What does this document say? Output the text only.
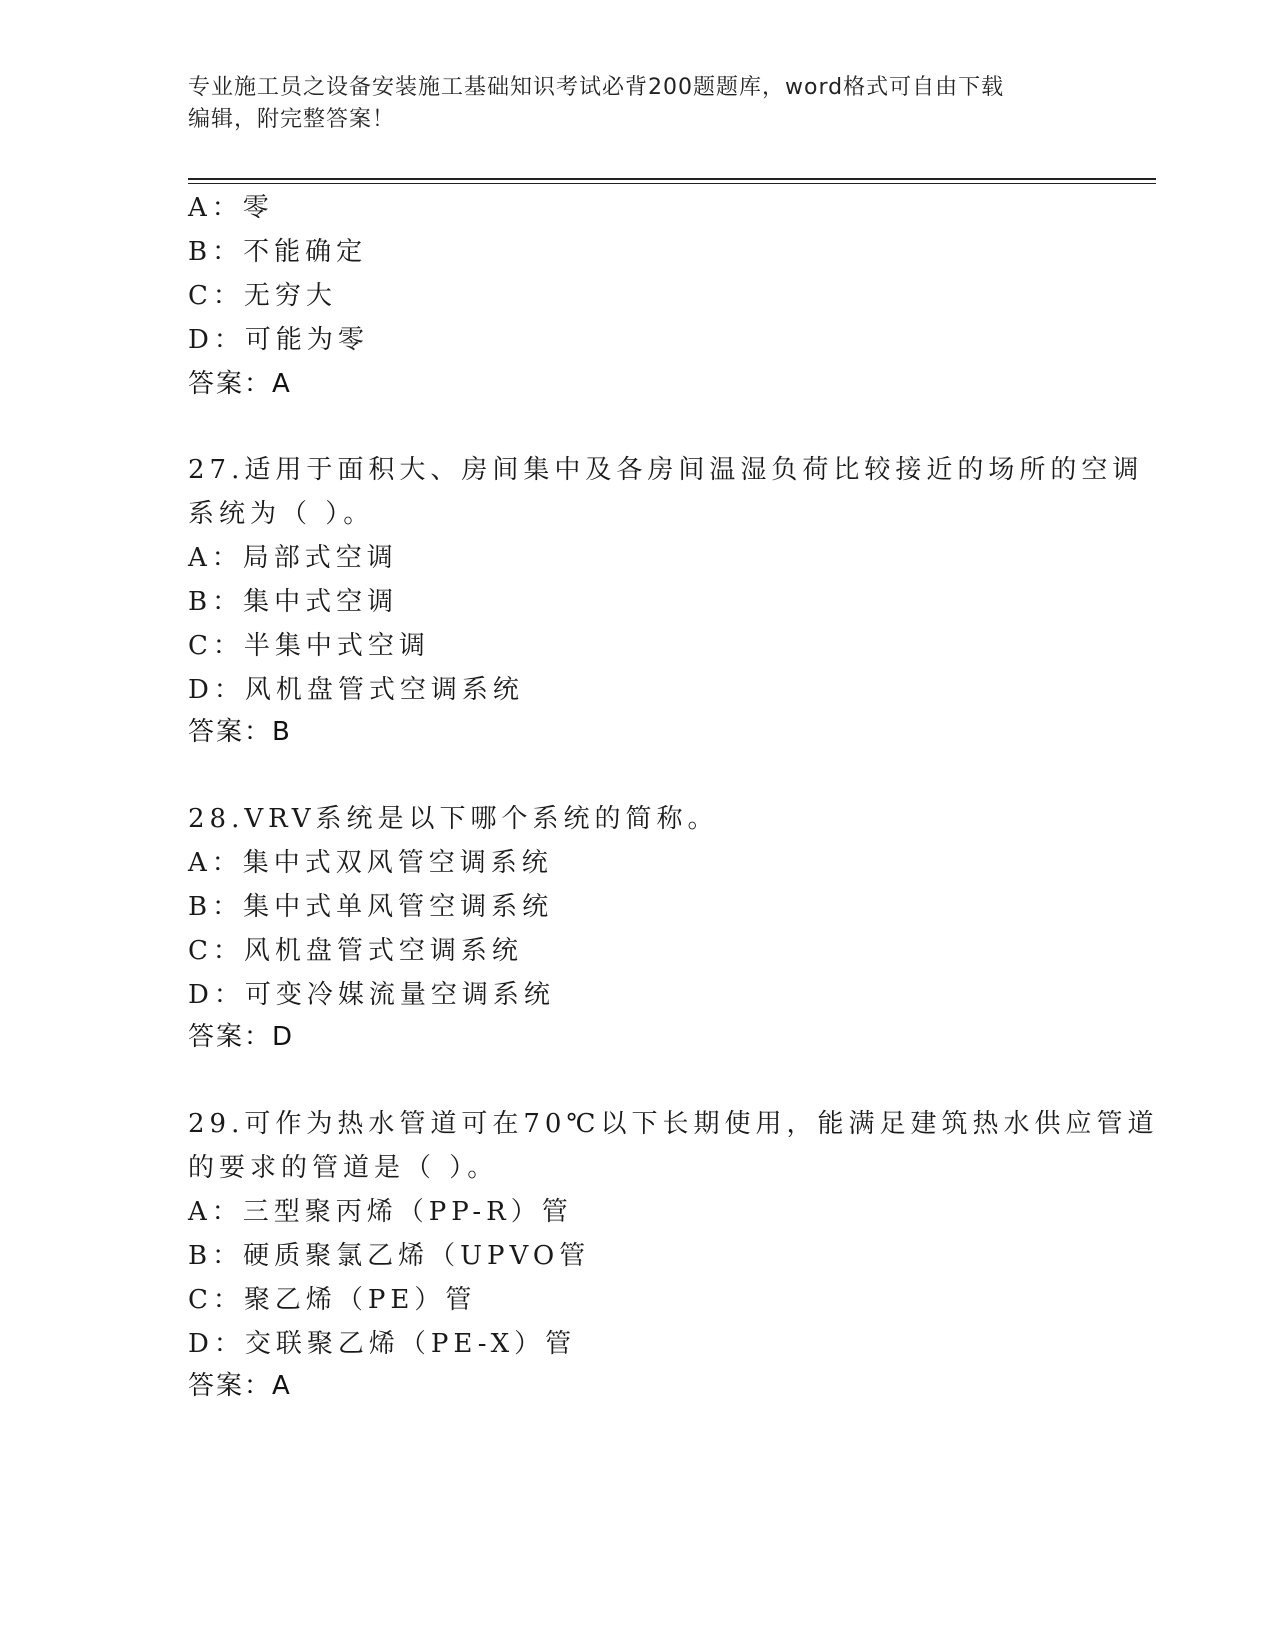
专业施工员之设备安装施工基础知识考试必背200题题库，word格式可自由下载
编辑，附完整答案！
A：零
B：不能确定
C：无穷大
D：可能为零
答案：A
27.适用于面积大、房间集中及各房间温湿负荷比较接近的场所的空调
系统为（ ）。
A：局部式空调
B：集中式空调
C：半集中式空调
D：风机盘管式空调系统
答案：B
28.VRV系统是以下哪个系统的简称。
A：集中式双风管空调系统
B：集中式单风管空调系统
C：风机盘管式空调系统
D：可变冷媒流量空调系统
答案：D
29.可作为热水管道可在70℃以下长期使用，能满足建筑热水供应管道
的要求的管道是（ ）。
A：三型聚丙烯（PP-R）管
B：硬质聚氯乙烯（UPVO管
C：聚乙烯（PE）管
D：交联聚乙烯（PE-X）管
答案：A
